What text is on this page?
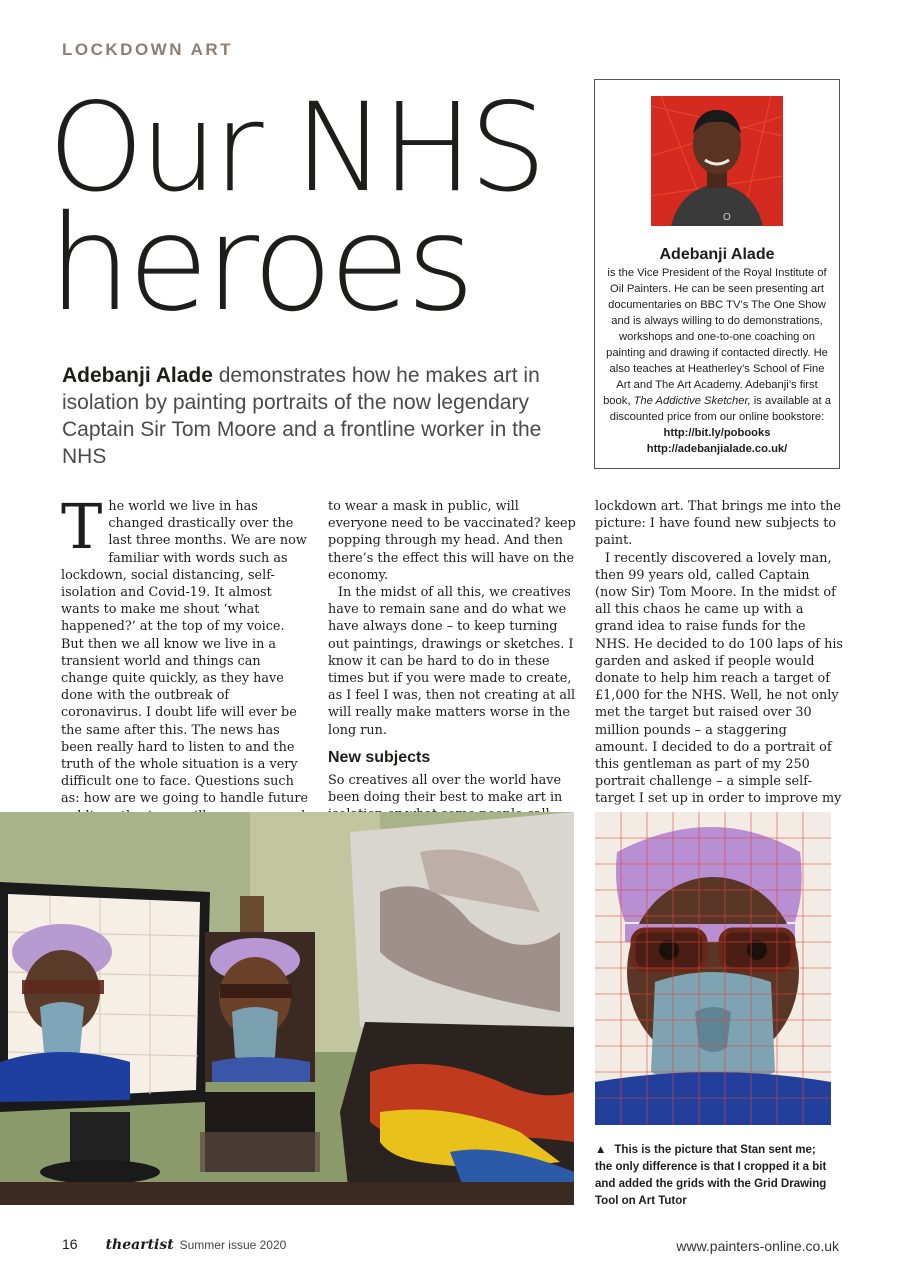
LOCKDOWN ART
Our NHS
heroes
Adebanji Alade demonstrates how he makes art in isolation by painting portraits of the now legendary Captain Sir Tom Moore and a frontline worker in the NHS
O
Adebanji Alade
is the Vice President of the Royal Institute of Oil Painters. He can be seen presenting art documentaries on BBC TV’s The One Show and is always willing to do demonstrations, workshops and one-to-one coaching on painting and drawing if contacted directly. He also teaches at Heatherley’s School of Fine Art and The Art Academy. Adebanji’s first book, The Addictive Sketcher, is available at a discounted price from our online bookstore: http://bit.ly/pobooks
http://adebanjialade.co.uk/
T he world we live in has changed drastically over the last three months. We are now familiar with words such as lockdown, social distancing, self-isolation and Covid-19. It almost wants to make me shout ‘what happened?’ at the top of my voice. But then we all know we live in a transient world and things can change quite quickly, as they have done with the outbreak of coronavirus. I doubt life will ever be the same after this. The news has been really hard to listen to and the truth of the whole situation is a very difficult one to face. Questions such as: how are we going to handle future

to wear a mask in public, will everyone need to be vaccinated? keep popping through my head. And then there’s the effect this will have on the economy.

In the midst of all this, we creatives have to remain sane and do what we have always done – to keep turning out paintings, drawings or sketches. I know it can be hard to do in these times but if you were made to create, as I feel I was, then not creating at all will really make matters worse in the long run.

New subjects

So creatives all over the world have been doing their best to make art in

lockdown art. That brings me into the picture: I have found new subjects to paint.

I recently discovered a lovely man, then 99 years old, called Captain (now Sir) Tom Moore. In the midst of all this chaos he came up with a grand idea to raise funds for the NHS. He decided to do 100 laps of his garden and asked if people would donate to help him reach a target of £1,000 for the NHS. Well, he not only met the target but raised over 30 million pounds – a staggering amount. I decided to do a portrait of this gentleman as part of my 250 portrait challenge – a simple self-target I set up in order to improve my

▲ This is the picture that Stan sent me; the only difference is that I cropped it a bit and added the grids with the Grid Drawing Tool on Art Tutor
16 theartist Summer issue 2020	www.painters-online.co.uk
